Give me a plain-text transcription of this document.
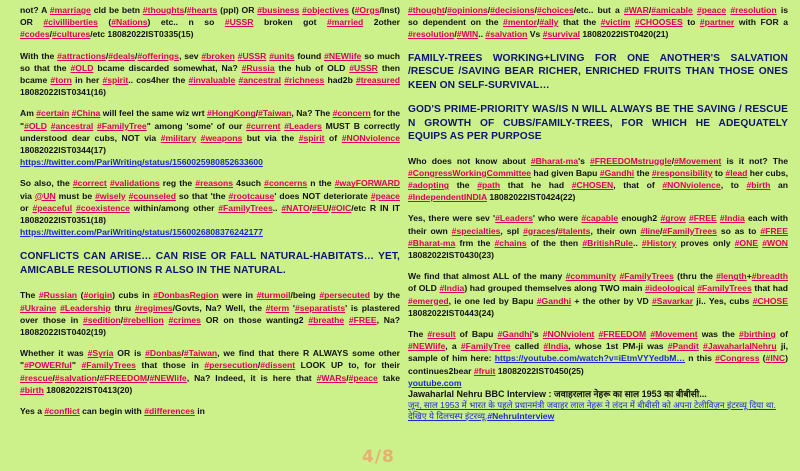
not? A #marriage cld be betn #thoughts/#hearts (ppl) OR #business #objectives (#Orgs/Inst) OR #civilliberties (#Nations) etc.. n so #USSR broken got #married 2other #codes/#cultures/etc 18082022IST0335(15)

With the #attractions/#deals/#offerings, sev #broken #USSR #units found #NEWlife so much so that the #OLD bcame discarded somewhat, Na? #Russia the hub of OLD #USSR then bcame #torn in her #spirit.. cos4her the #invaluable #ancestral #richness had2b #treasured 18082022IST0341(16)

Am #certain #China will feel the same wiz wrt #HongKong/#Taiwan, Na? The #concern for the "#OLD #ancestral #FamilyTree" among 'some' of our #current #Leaders MUST B correctly understood dear cubs, NOT via #military #weapons but via the #spirit of #NONviolence 18082022IST0344(17)
https://twitter.com/PariWriting/status/1560025980852633600
So also, the #correct #validations reg the #reasons 4such #concerns n the #wayFORWARD via @UN must be #wisely #counseled so that 'the #rootcause' does NOT deteriorate #peace or #peaceful #coexistence within/among other #FamilyTrees.. #NATO/#EU/#OIC/etc R IN IT 18082022IST0351(18)
https://twitter.com/PariWriting/status/1560026808376242177

CONFLICTS CAN ARISE… CAN RISE OR FALL NATURAL-HABITATS… YET, AMICABLE RESOLUTIONS R ALSO IN THE NATURAL.

The #Russian (#origin) cubs in #DonbasRegion were in #turmoil/being #persecuted by the #Ukraine #Leadership thru #regimes/Govts, Na? Well, the #term '#separatists' is plastered over those in #sedition/#rebellion #crimes OR on those wanting2 #breathe #FREE, Na? 18082022IST0402(19)

Whether it was #Syria OR is #Donbas/#Taiwan, we find that there R ALWAYS some other "#POWERful" #FamilyTrees that those in #persecution/#dissent LOOK UP to, for their #rescue/#salvation/#FREEDOM/#NEWlife, Na? Indeed, it is here that #WARs/#peace take #birth 18082022IST0413(20)

Yes a #conflict can begin with #differences in

#thought/#opinions/#decisions/#choices/etc.. but a #WAR/#amicable #peace #resolution is so dependent on the #mentor/#ally that the #victim #CHOOSES to #partner with FOR a #resolution/#WIN.. #salvation Vs #survival 18082022IST0420(21)

FAMILY-TREES WORKING+LIVING FOR ONE ANOTHER'S SALVATION /RESCUE /SAVING BEAR RICHER, ENRICHED FRUITS THAN THOSE ONES KEEN ON SELF-SURVIVAL…

GOD'S PRIME-PRIORITY WAS/IS N WILL ALWAYS BE THE SAVING / RESCUE N GROWTH OF CUBS/FAMILY-TREES, FOR WHICH HE ADEQUATELY EQUIPS AS PER PURPOSE

Who does not know about #Bharat-ma's #FREEDOMstruggle/#Movement is it not? The #CongressWorkingCommittee had given Bapu #Gandhi the #responsibility to #lead her cubs, #adopting the #path that he had #CHOSEN, that of #NONviolence, to #birth an #IndependentINDIA 18082022IST0424(22)

Yes, there were sev '#Leaders' who were #capable enough2 #grow #FREE #India each with their own #specialties, spl #graces/#talents, their own #line/#FamilyTrees so as to #FREE #Bharat-ma frm the #chains of the then #BritishRule.. #History proves only #ONE #WON 18082022IST0430(23)

We find that almost ALL of the many #community #FamilyTrees (thru the #length+#breadth of OLD #India) had grouped themselves along TWO main #ideological #FamilyTrees that had #emerged, ie one led by Bapu #Gandhi + the other by VD #Savarkar ji.. Yes, cubs #CHOSE 18082022IST0443(24)

The #result of Bapu #Gandhi's #NONviolent #FREEDOM #Movement was the #birthing of #NEWlife, a #FamilyTree called #India, whose 1st PM-ji was #Pandit #JawaharlalNehru ji, sample of him here: https://youtube.com/watch?v=iEtmVYYedbM… n this #Congress (#INC) continues2bear #fruit 18082022IST0450(25)

youtube.com
Jawaharlal Nehru BBC Interview : जवाहरलाल नेहरू का साल 1953 का बीबीसी...
जून, साल 1953 में भारत के पहले प्रधानमंत्री जवाहर लाल नेहरू ने लंदन में बीबीसी को अपना टेलीविज़न इंटरव्यू दिया था. देखिए ये दिलचस्प इंटरव्यू.#NehruInterview
4/8
